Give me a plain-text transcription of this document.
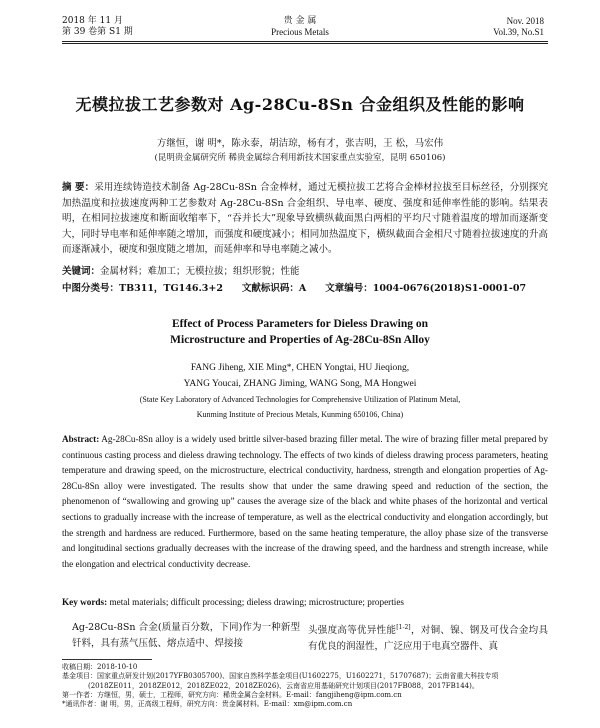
2018 年 11 月
第 39 卷第 S1 期
贵 金 属
Precious Metals
Nov. 2018
Vol.39, No.S1
无模拉拔工艺参数对 Ag-28Cu-8Sn 合金组织及性能的影响
方继恒，谢 明*，陈永泰，胡洁琼，杨有才，张吉明，王 松，马宏伟
(昆明贵金属研究所 稀贵金属综合利用新技术国家重点实验室，昆明 650106)
摘 要：采用连续铸造技术制备 Ag-28Cu-8Sn 合金棒材，通过无模拉拔工艺将合金棒材拉拔至目标丝径，分别探究加热温度和拉拔速度两种工艺参数对 Ag-28Cu-8Sn 合金组织、导电率、硬度、强度和延伸率性能的影响。结果表明，在相同拉拔速度和断面收缩率下，“吞并长大”现象导致横纵截面黑白两相的平均尺寸随着温度的增加而逐渐变大，同时导电率和延伸率随之增加，而强度和硬度减小；相同加热温度下，横纵截面合金相尺寸随着拉拔速度的升高而逐渐减小，硬度和强度随之增加，而延伸率和导电率随之减小。
关键词：金属材料；难加工；无模拉拔；组织形貌；性能
中图分类号：TB311，TG146.3+2　　文献标识码：A　　文章编号：1004-0676(2018)S1-0001-07
Effect of Process Parameters for Dieless Drawing on
Microstructure and Properties of Ag-28Cu-8Sn Alloy
FANG Jiheng, XIE Ming*, CHEN Yongtai, HU Jieqiong,
YANG Youcai, ZHANG Jiming, WANG Song, MA Hongwei
(State Key Laboratory of Advanced Technologies for Comprehensive Utilization of Platinum Metal,
Kunming Institute of Precious Metals, Kunming 650106, China)
Abstract: Ag-28Cu-8Sn alloy is a widely used brittle silver-based brazing filler metal. The wire of brazing filler metal prepared by continuous casting process and dieless drawing technology. The effects of two kinds of dieless drawing process parameters, heating temperature and drawing speed, on the microstructure, electrical conductivity, hardness, strength and elongation properties of Ag-28Cu-8Sn alloy were investigated. The results show that under the same drawing speed and reduction of the section, the phenomenon of “swallowing and growing up” causes the average size of the black and white phases of the horizontal and vertical sections to gradually increase with the increase of temperature, as well as the electrical conductivity and elongation accordingly, but the strength and hardness are reduced. Furthermore, based on the same heating temperature, the alloy phase size of the transverse and longitudinal sections gradually decreases with the increase of the drawing speed, and the hardness and strength increase, while the elongation and electrical conductivity decrease.
Key words: metal materials; difficult processing; dieless drawing; microstructure; properties
Ag-28Cu-8Sn 合金(质量百分数，下同)作为一种新型钎料，具有蒸气压低、熔点适中、焊接接
头强度高等优异性能[1-2]，对铜、镍、钢及可伐合金均具有优良的润湿性，广泛应用于电真空器件、真
收稿日期：2018-10-10
基金项目：国家重点研发计划(2017YFB0305700)、国家自然科学基金项目(U1602275，U1602271，51707687)；云南省重大科技专项
(2018ZE011，2018ZE012，2018ZE022，2018ZE026)、云南省应用基础研究计划项目(2017FB088，2017FB144)。
第一作者：方继恒，男，硕士，工程师，研究方向：稀贵金属合金材料。E-mail：fangjiheng@ipm.com.cn
*通讯作者：谢 明，男，正高级工程师，研究方向：贵金属材料。E-mail：xm@ipm.com.cn
